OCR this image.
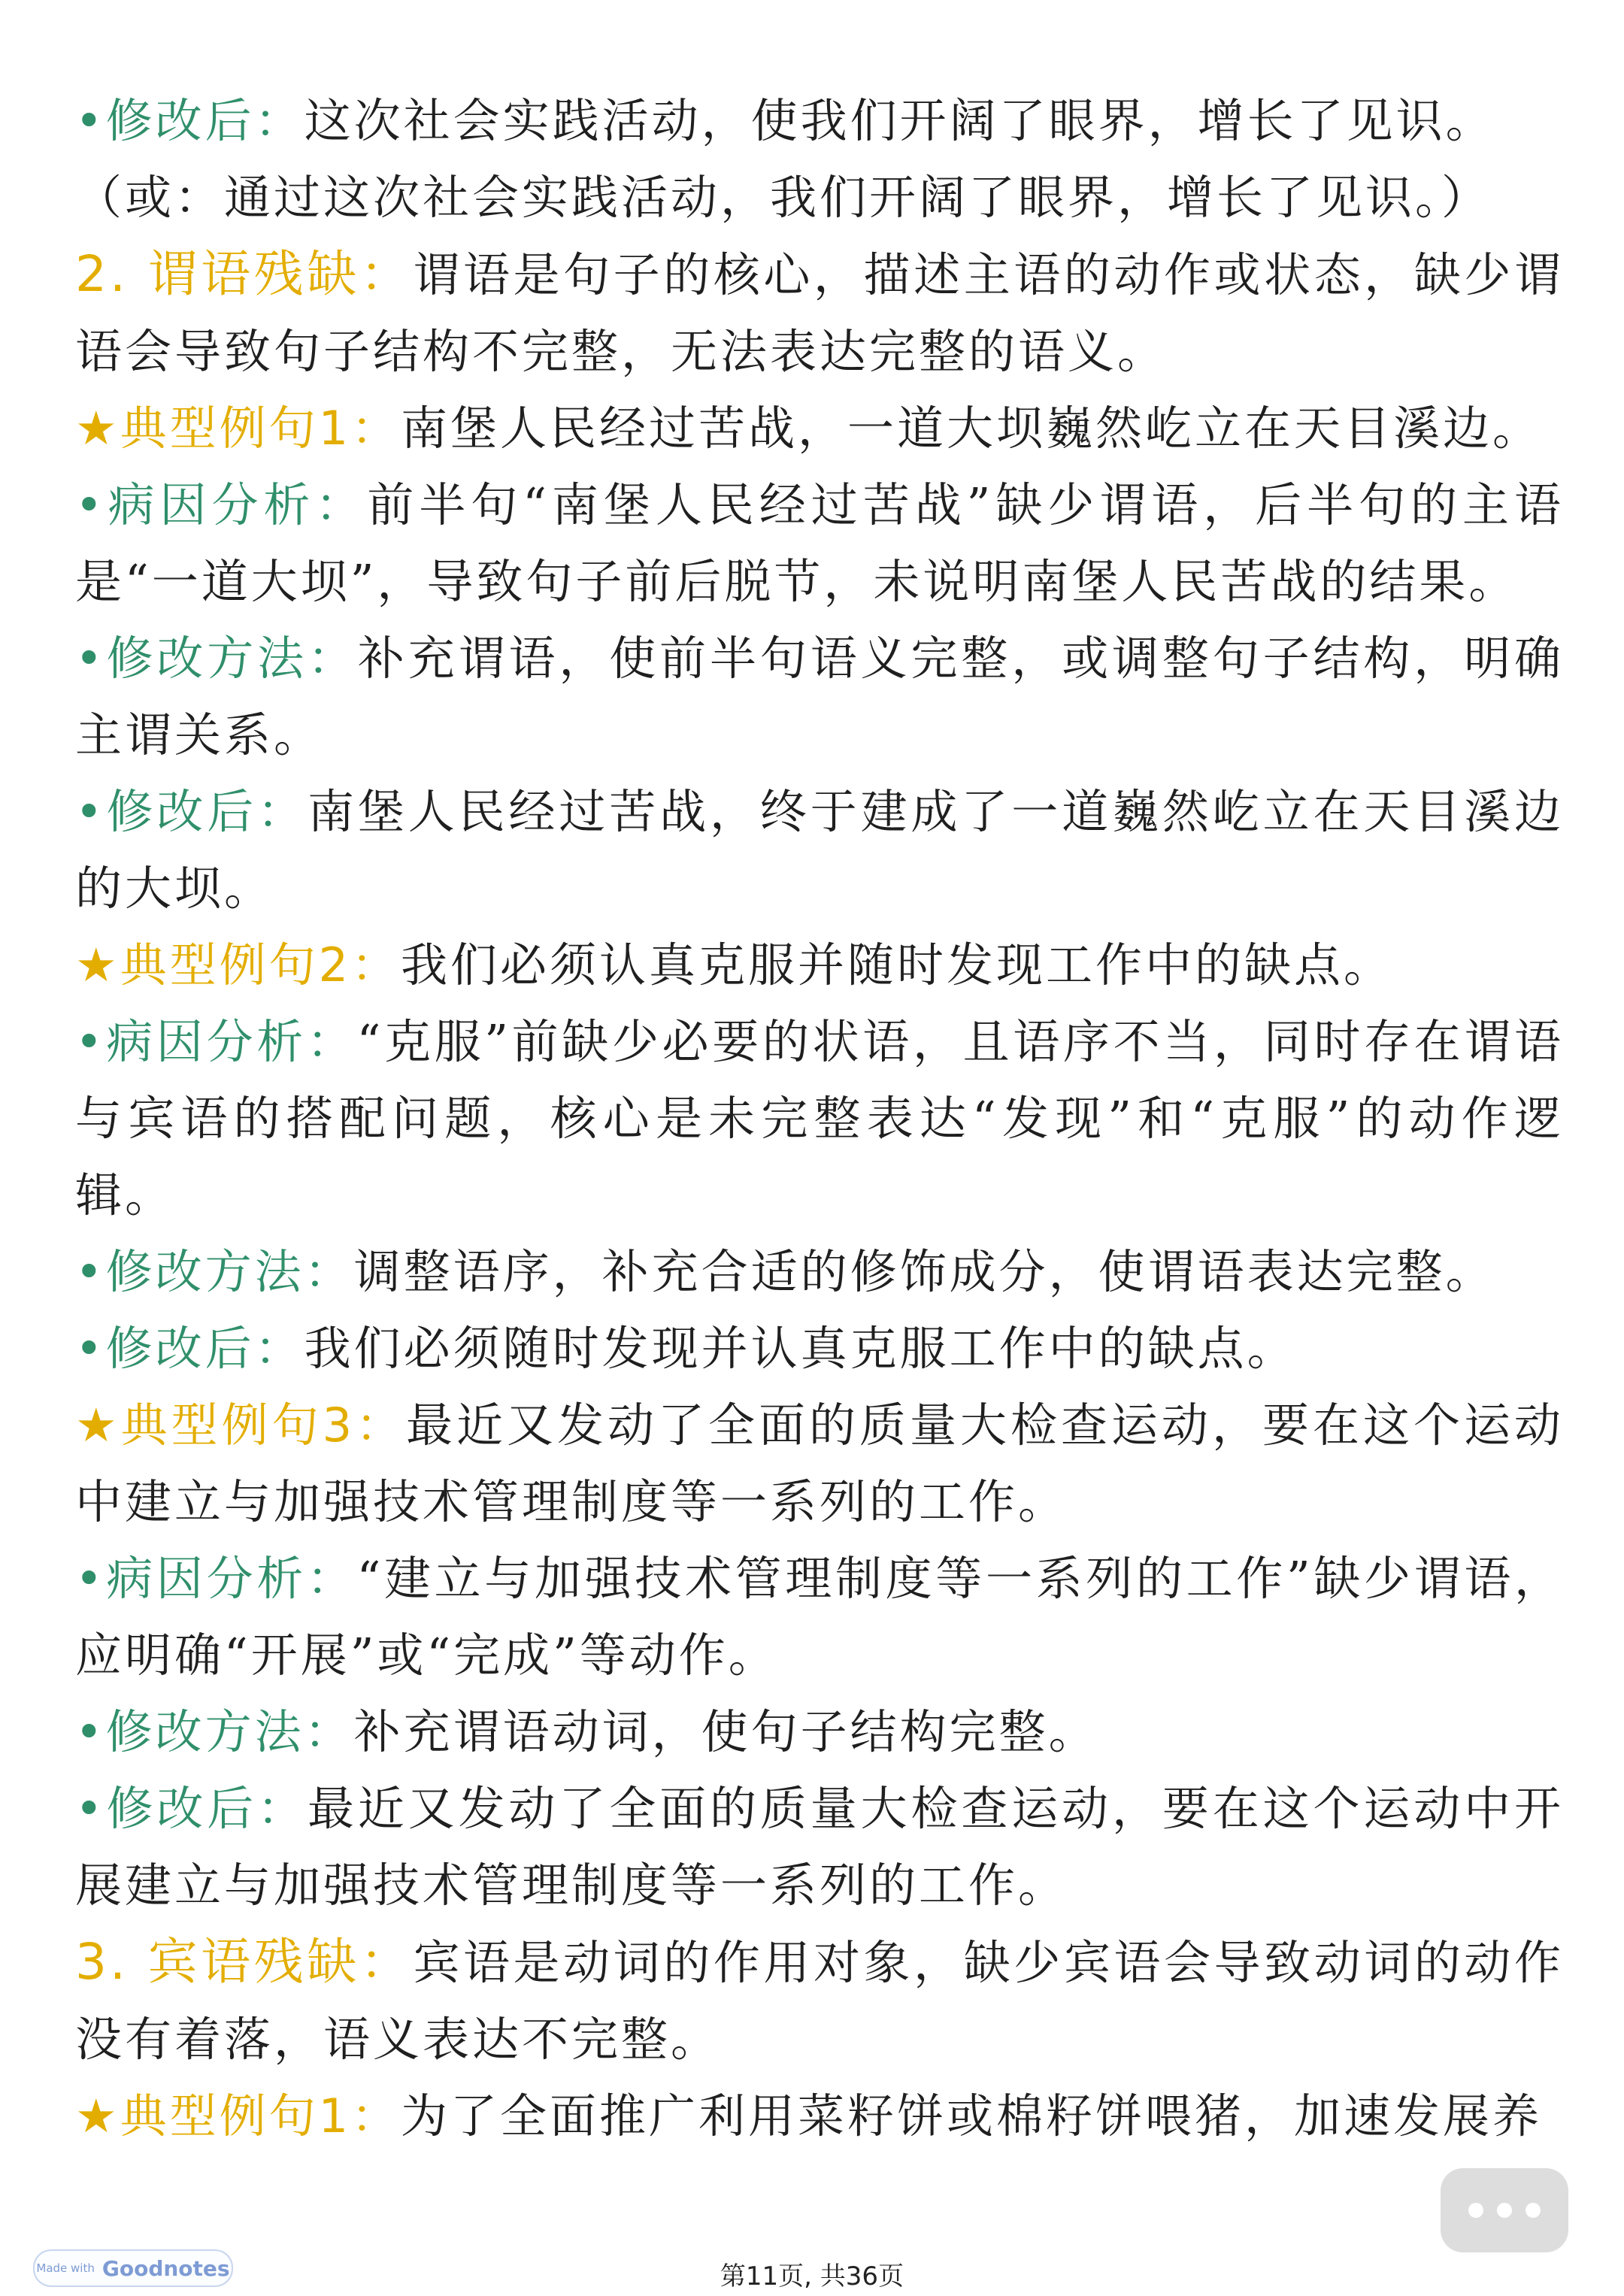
•修改后：这次社会实践活动，使我们开阔了眼界，增长了见识。

（或：通过这次社会实践活动，我们开阔了眼界，增长了见识。）

2. 谓语残缺：谓语是句子的核心，描述主语的动作或状态，缺少谓语会导致句子结构不完整，无法表达完整的语义。

★典型例句1：南堡人民经过苦战，一道大坝巍然屹立在天目溪边。

•病因分析：前半句“南堡人民经过苦战”缺少谓语，后半句的主语是“一道大坝”，导致句子前后脱节，未说明南堡人民苦战的结果。

•修改方法：补充谓语，使前半句语义完整，或调整句子结构，明确主谓关系。

•修改后：南堡人民经过苦战，终于建成了一道巍然屹立在天目溪边的大坝。

★典型例句2：我们必须认真克服并随时发现工作中的缺点。

•病因分析：“克服”前缺少必要的状语，且语序不当，同时存在谓语与宾语的搭配问题，核心是未完整表达“发现”和“克服”的动作逻辑。

•修改方法：调整语序，补充合适的修饰成分，使谓语表达完整。

•修改后：我们必须随时发现并认真克服工作中的缺点。

★典型例句3：最近又发动了全面的质量大检查运动，要在这个运动中建立与加强技术管理制度等一系列的工作。

•病因分析：“建立与加强技术管理制度等一系列的工作”缺少谓语，应明确“开展”或“完成”等动作。

•修改方法：补充谓语动词，使句子结构完整。

•修改后：最近又发动了全面的质量大检查运动，要在这个运动中开展建立与加强技术管理制度等一系列的工作。

3. 宾语残缺：宾语是动词的作用对象，缺少宾语会导致动词的动作没有着落，语义表达不完整。

★典型例句1：为了全面推广利用菜籽饼或棉籽饼喂猪，加速发展养

Made with Goodnotes	第11页, 共36页
